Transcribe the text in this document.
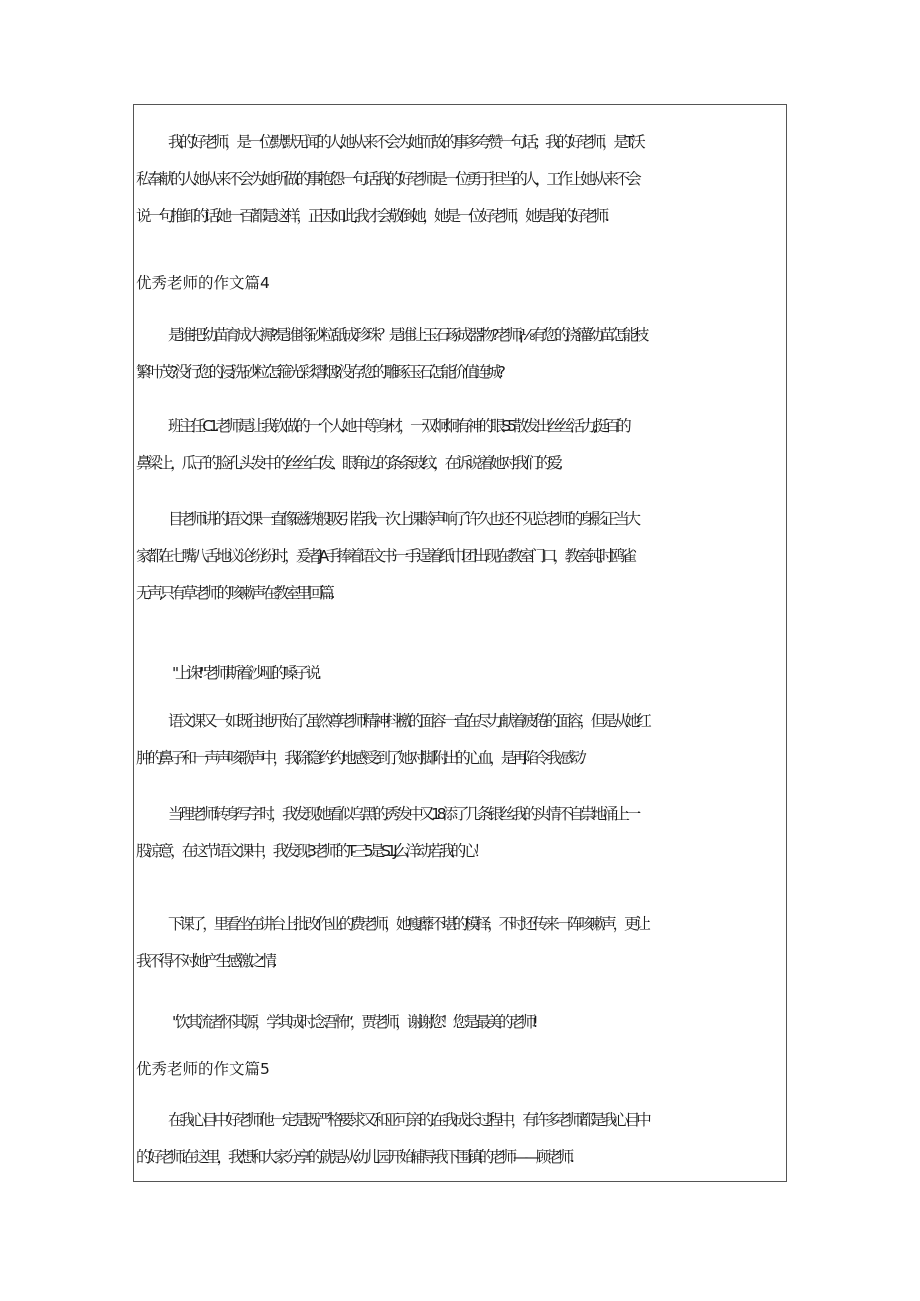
我的好老师，是一位默默无闻的人,她从来不会为她而故的事多夸赞一句话；我的好老师，是T沃
私奉献的人她从来不会为她所做的事抱怨一句话我的好老师是一位勇于担当的人，工作上她从来不会
说一句推卸的话.她一百都是这样，正因如此,我才会敬倒她，她是一位好老师，她是我的好老师.
优秀老师的作文篇4
是谁把幼苗育成大褥?是谁将砂粒舐成珍珠？是谁让玉石琢成器物?老师¡⅛有您的浇灌幼苗怎能枝
繁叶茂?没行您的浸洗砂粒怎箍光彩熠烟?没存您的雕琢玉石怎能价值连城?
班主任C1.老师是让我钦做的一个人.她中等身材，一双炯炯有神的眼S5散发出丝丝活力,挺百的
鼻梁上，瓜子的脸孔.头发中的丝丝白发、眼角边的条条豉纹，在诉说着她对我们的爱.
目老师讲的语文课一直像磁铁般吸引若我.一次上课龄声响了许久也还不见总老师的身影.正当大
家都在七嘴八舌地议论纷纷时，爰者JA手捧着语文书一手逞着纸巾团出现在教室门口，教室钝时鸥雀
无声,只有草老师的咳嗽声在教室里回篇.
"上诛!"老师斯着沙哑的嗓子说.
语文课又一如既往地开始了.虽然尊老师精神抖檄的面容一直在尽力献着疲倦的面容，但是从她红
肿的鼻子和一声声咳歌声中，我除隐约约地感受到了她对脚附出的心血，是再陷令我感动.
当理老师转身写字时，我发现她看似乌黑的.秀发中又18添了几条银丝.我的头情不自祟地涌上一
股凉意，在这节语文课中，我发现3老师的T-三5是S1.J么洋动若我的心！
下课了，里看坐在讲台上批改作业的费老师，她瘦蘼不堪的模择，不时还传来一阵咳嗽声，更让
我不得不对她产生感激之情.
"饮其流者怀其源，学其成时念吾怖“，贾老师，谢谢您！您是最美的老师!
优秀老师的作文篇5
在我心目中好老师他一定是既严格要求又和亚可亲的.在我成长过程中，有许多老师都是我心目中
的好老师.在这里，我想和大家分享的就是从幼儿园开始辅导我下围镇的老师——顾老师.
